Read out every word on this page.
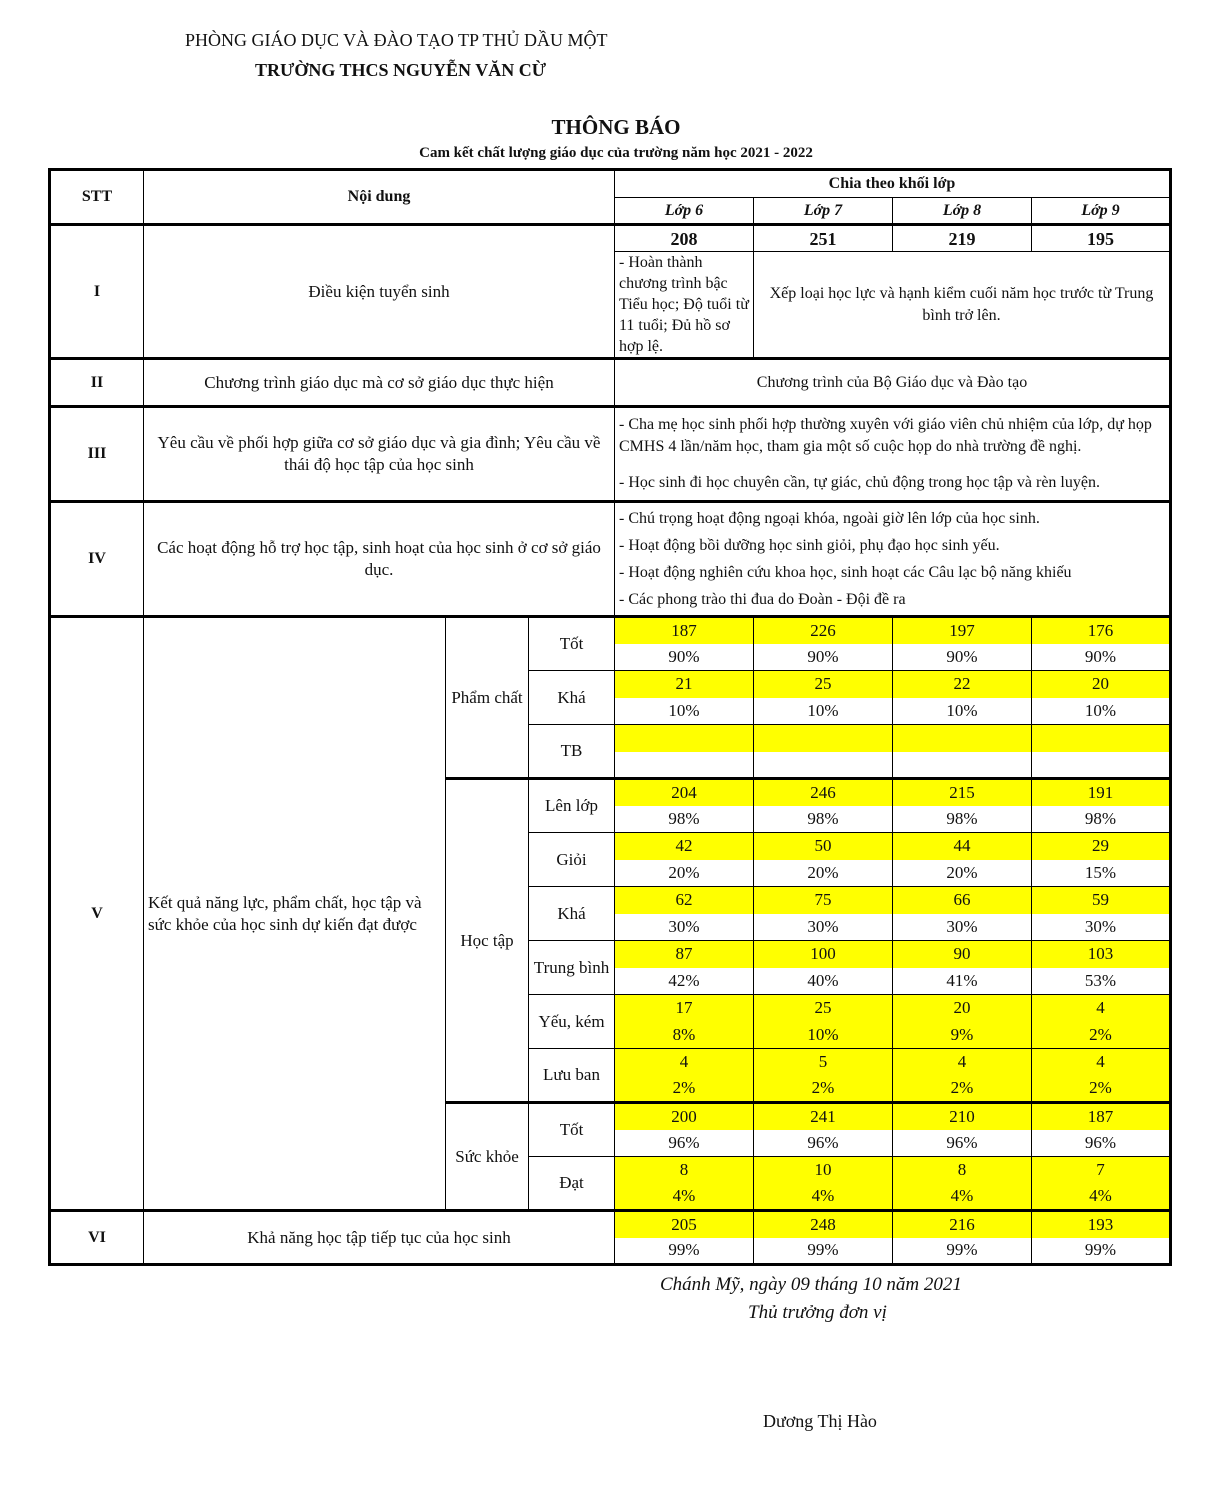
PHÒNG GIÁO DỤC VÀ ĐÀO TẠO TP THỦ DẦU MỘT
TRƯỜNG THCS NGUYỄN VĂN CỪ
THÔNG BÁO
Cam kết chất lượng giáo dục của trường năm học 2021 - 2022
STT	Nội dung			Chia theo khối lớp			
				Lớp 6	Lớp 7	Lớp 8	Lớp 9
I	Điều kiện tuyển sinh			208	251	219	195
				- Hoàn thành chương trình bậc Tiểu học; Độ tuổi từ 11 tuổi; Đủ hồ sơ hợp lệ.	Xếp loại học lực và hạnh kiểm cuối năm học trước từ Trung bình trở lên.		
II	Chương trình giáo dục mà cơ sở giáo dục thực hiện			Chương trình của Bộ Giáo dục và Đào tạo			
III	Yêu cầu về phối hợp giữa cơ sở giáo dục và gia đình; Yêu cầu về thái độ học tập của học sinh			- Cha mẹ học sinh phối hợp thường xuyên với giáo viên chủ nhiệm của lớp, dự họp CMHS 4 lần/năm học, tham gia một số cuộc họp do nhà trường đề nghị.
- Học sinh đi học chuyên cần, tự giác, chủ động trong học tập và rèn luyện.			

IV	Các hoạt động hỗ trợ học tập, sinh hoạt của học sinh ở cơ sở giáo dục.			- Chú trọng hoạt động ngoại khóa, ngoài giờ lên lớp của học sinh.
- Hoạt động bồi dưỡng học sinh giỏi, phụ đạo học sinh yếu.
- Hoạt động nghiên cứu khoa học, sinh hoạt các Câu lạc bộ năng khiếu
- Các phong trào thi đua do Đoàn - Đội đề ra			

V	Kết quả năng lực, phẩm chất, học tập và sức khỏe của học sinh dự kiến đạt được	Phẩm chất	Tốt	187	226	197	176
				90%	90%	90%	90%
			Khá	21	25	22	20
				10%	10%	10%	10%
			TB				

		Học tập	Lên lớp	204	246	215	191
				98%	98%	98%	98%
			Giỏi	42	50	44	29
				20%	20%	20%	15%
			Khá	62	75	66	59
				30%	30%	30%	30%
			Trung bình	87	100	90	103
				42%	40%	41%	53%
			Yếu, kém	17	25	20	4
				8%	10%	9%	2%
			Lưu ban	4	5	4	4
				2%	2%	2%	2%
		Sức khỏe	Tốt	200	241	210	187
				96%	96%	96%	96%
			Đạt	8	10	8	7
				4%	4%	4%	4%
VI	Khả năng học tập tiếp tục của học sinh			205	248	216	193
				99%	99%	99%	99%
Chánh Mỹ, ngày 09 tháng 10 năm 2021
Thủ trưởng đơn vị
Dương Thị Hào
